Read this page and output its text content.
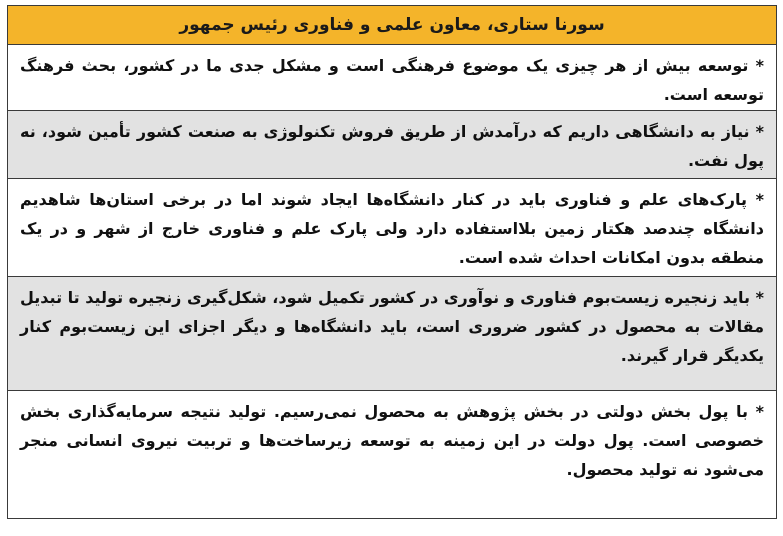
سورنا ستاری، معاون علمی و فناوری رئیس جمهور
* توسعه بیش از هر چیزی یک موضوع فرهنگی است و مشکل جدی ما در کشور، بحث فرهنگ توسعه است.
* نیاز به دانشگاهی داریم که درآمدش از طریق فروش تکنولوژی به صنعت کشور تأمین شود، نه پول نفت.
* پارک‌های علم و فناوری باید در کنار دانشگاه‌ها ایجاد شوند اما در برخی استان‌ها شاهدیم دانشگاه چندصد هکتار زمین بلااستفاده دارد ولی پارک علم و فناوری خارج از شهر و در یک منطقه بدون امکانات احداث شده است.
* باید زنجیره زیست‌بوم فناوری و نوآوری در کشور تکمیل شود، شکل‌گیری زنجیره تولید تا تبدیل مقالات به محصول در کشور ضروری است، باید دانشگاه‌ها و دیگر اجزای این زیست‌بوم کنار یکدیگر قرار گیرند.
* با پول بخش دولتی در بخش پژوهش به محصول نمی‌رسیم. تولید نتیجه سرمایه‌گذاری بخش خصوصی است. پول دولت در این زمینه به توسعه زیرساخت‌ها و تربیت نیروی انسانی منجر می‌شود نه تولید محصول.
